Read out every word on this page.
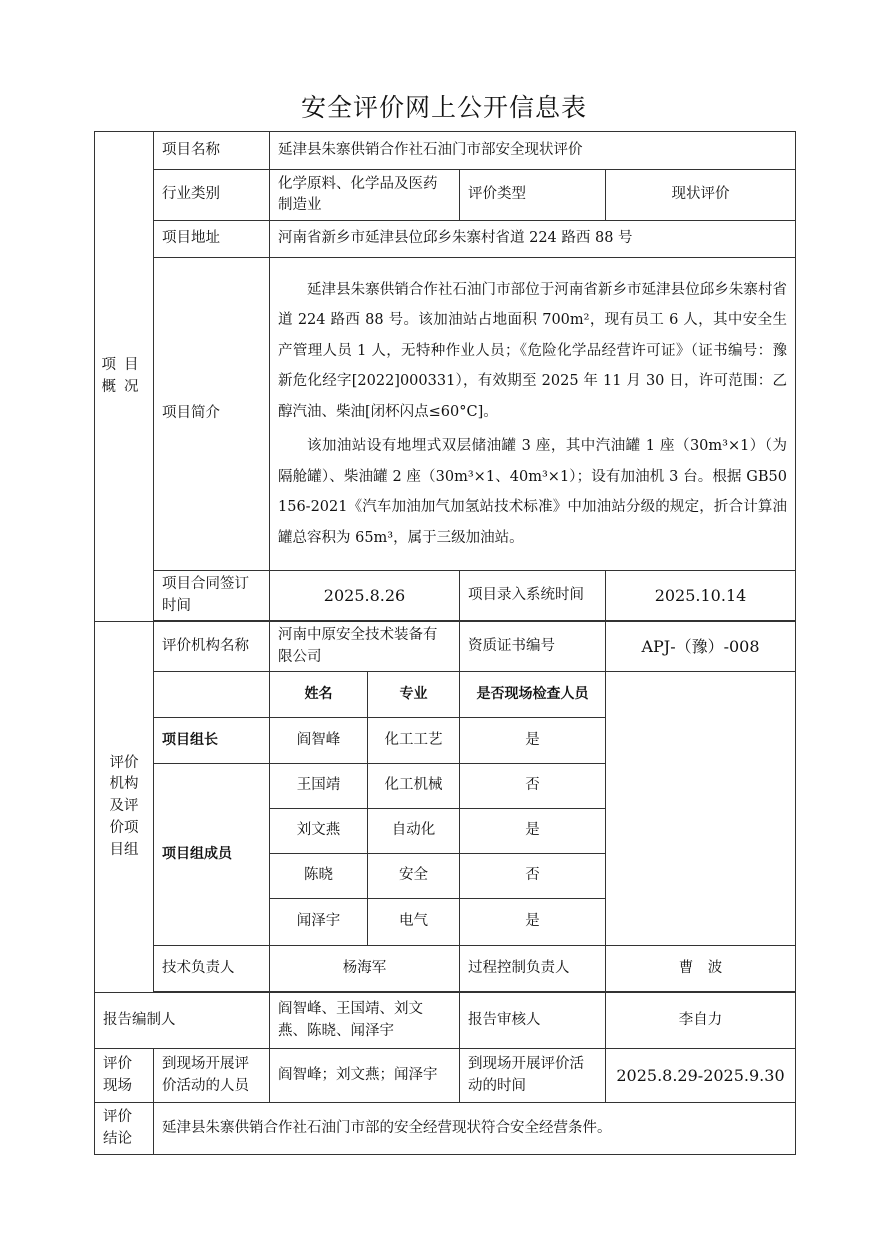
安全评价网上公开信息表
项目
概况	项目名称	延津县朱寨供销合作社石油门市部安全现状评价			
	行业类别	化学原料、化学品及医药制造业		评价类型	现状评价
	项目地址	河南省新乡市延津县位邱乡朱寨村省道 224 路西 88 号			
	项目简介	延津县朱寨供销合作社石油门市部位于河南省新乡市延津县位邱乡朱寨村省道 224 路西 88 号。该加油站占地面积 700m²，现有员工 6 人，其中安全生产管理人员 1 人，无特种作业人员；《危险化学品经营许可证》（证书编号：豫新危化经字[2022]000331），有效期至 2025 年 11 月 30 日，许可范围：乙醇汽油、柴油[闭杯闪点≤60°C]。
该加油站设有地埋式双层储油罐 3 座，其中汽油罐 1 座（30m³×1）（为隔舱罐）、柴油罐 2 座（30m³×1、40m³×1）；设有加油机 3 台。根据 GB50156-2021《汽车加油加气加氢站技术标准》中加油站分级的规定，折合计算油罐总容积为 65m³，属于三级加油站。			

	项目合同签订时间	2025.8.26		项目录入系统时间	2025.10.14

评价机构及评价项目组	评价机构名称	河南中原安全技术装备有限公司		资质证书编号	APJ-（豫）-008
		姓名	专业	是否现场检查人员	
	项目组长	阎智峰	化工工艺	是	
	项目组成员	王国靖	化工机械	否	
		刘文燕	自动化	是	
		陈晓	安全	否	
		闻泽宇	电气	是	
	技术负责人	杨海军		过程控制负责人	曹　波

报告编制人		阎智峰、王国靖、刘文燕、陈晓、闻泽宇		报告审核人	李自力

评价现场	到现场开展评价活动的人员	阎智峰；刘文燕；闻泽宇		到现场开展评价活动的时间	2025.8.29-2025.9.30

评价结论	延津县朱寨供销合作社石油门市部的安全经营现状符合安全经营条件。				
